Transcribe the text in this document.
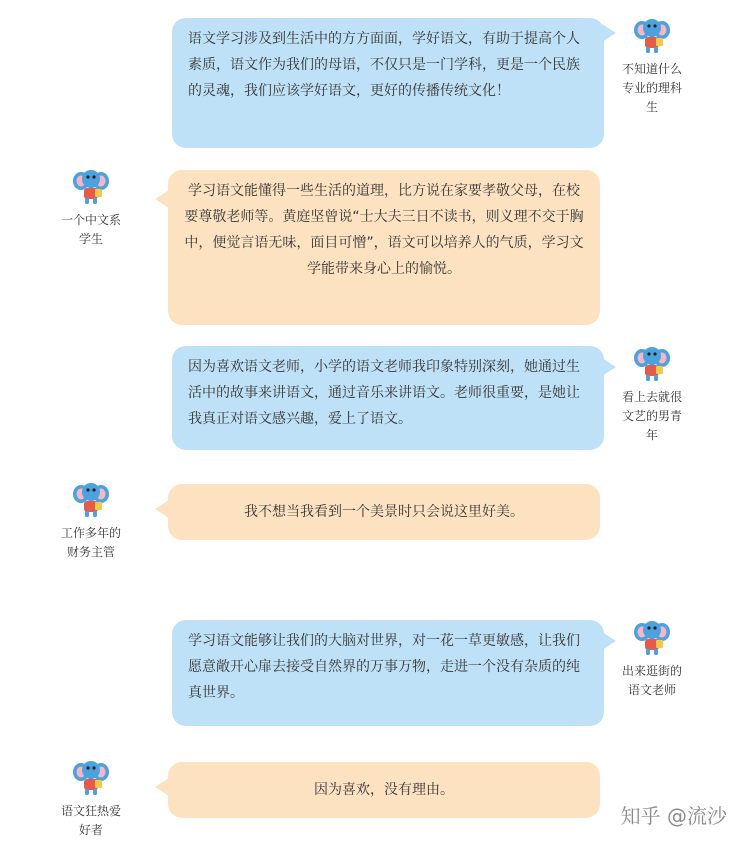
语文学习涉及到生活中的方方面面，学好语文，有助于提高个人素质，语文作为我们的母语，不仅只是一门学科，更是一个民族的灵魂，我们应该学好语文，更好的传播传统文化！
不知道什么专业的理科生
学习语文能懂得一些生活的道理，比方说在家要孝敬父母，在校要尊敬老师等。黄庭坚曾说“士大夫三日不读书，则义理不交于胸中，便觉言语无味，面目可憎”，语文可以培养人的气质，学习文学能带来身心上的愉悦。
一个中文系学生
因为喜欢语文老师，小学的语文老师我印象特别深刻，她通过生活中的故事来讲语文，通过音乐来讲语文。老师很重要，是她让我真正对语文感兴趣，爱上了语文。
看上去就很文艺的男青年
我不想当我看到一个美景时只会说这里好美。
工作多年的财务主管
学习语文能够让我们的大脑对世界，对一花一草更敏感，让我们愿意敞开心扉去接受自然界的万事万物，走进一个没有杂质的纯真世界。
出来逛街的语文老师
因为喜欢，没有理由。
语文狂热爱好者
知乎 @流沙
